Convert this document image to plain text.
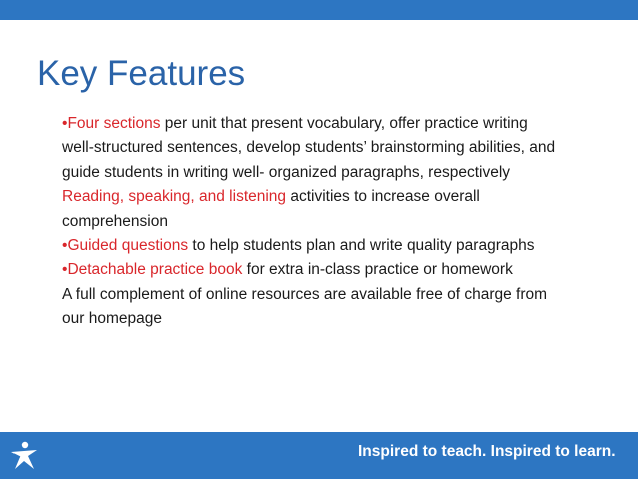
Key Features
•Four sections per unit that present vocabulary, offer practice writing
well-structured sentences, develop students’ brainstorming abilities, and
guide students in writing well- organized paragraphs, respectively
Reading, speaking, and listening activities to increase overall
comprehension
•Guided questions to help students plan and write quality paragraphs
•Detachable practice book for extra in-class practice or homework
A full complement of online resources are available free of charge from
our homepage
Inspired to teach. Inspired to learn.
